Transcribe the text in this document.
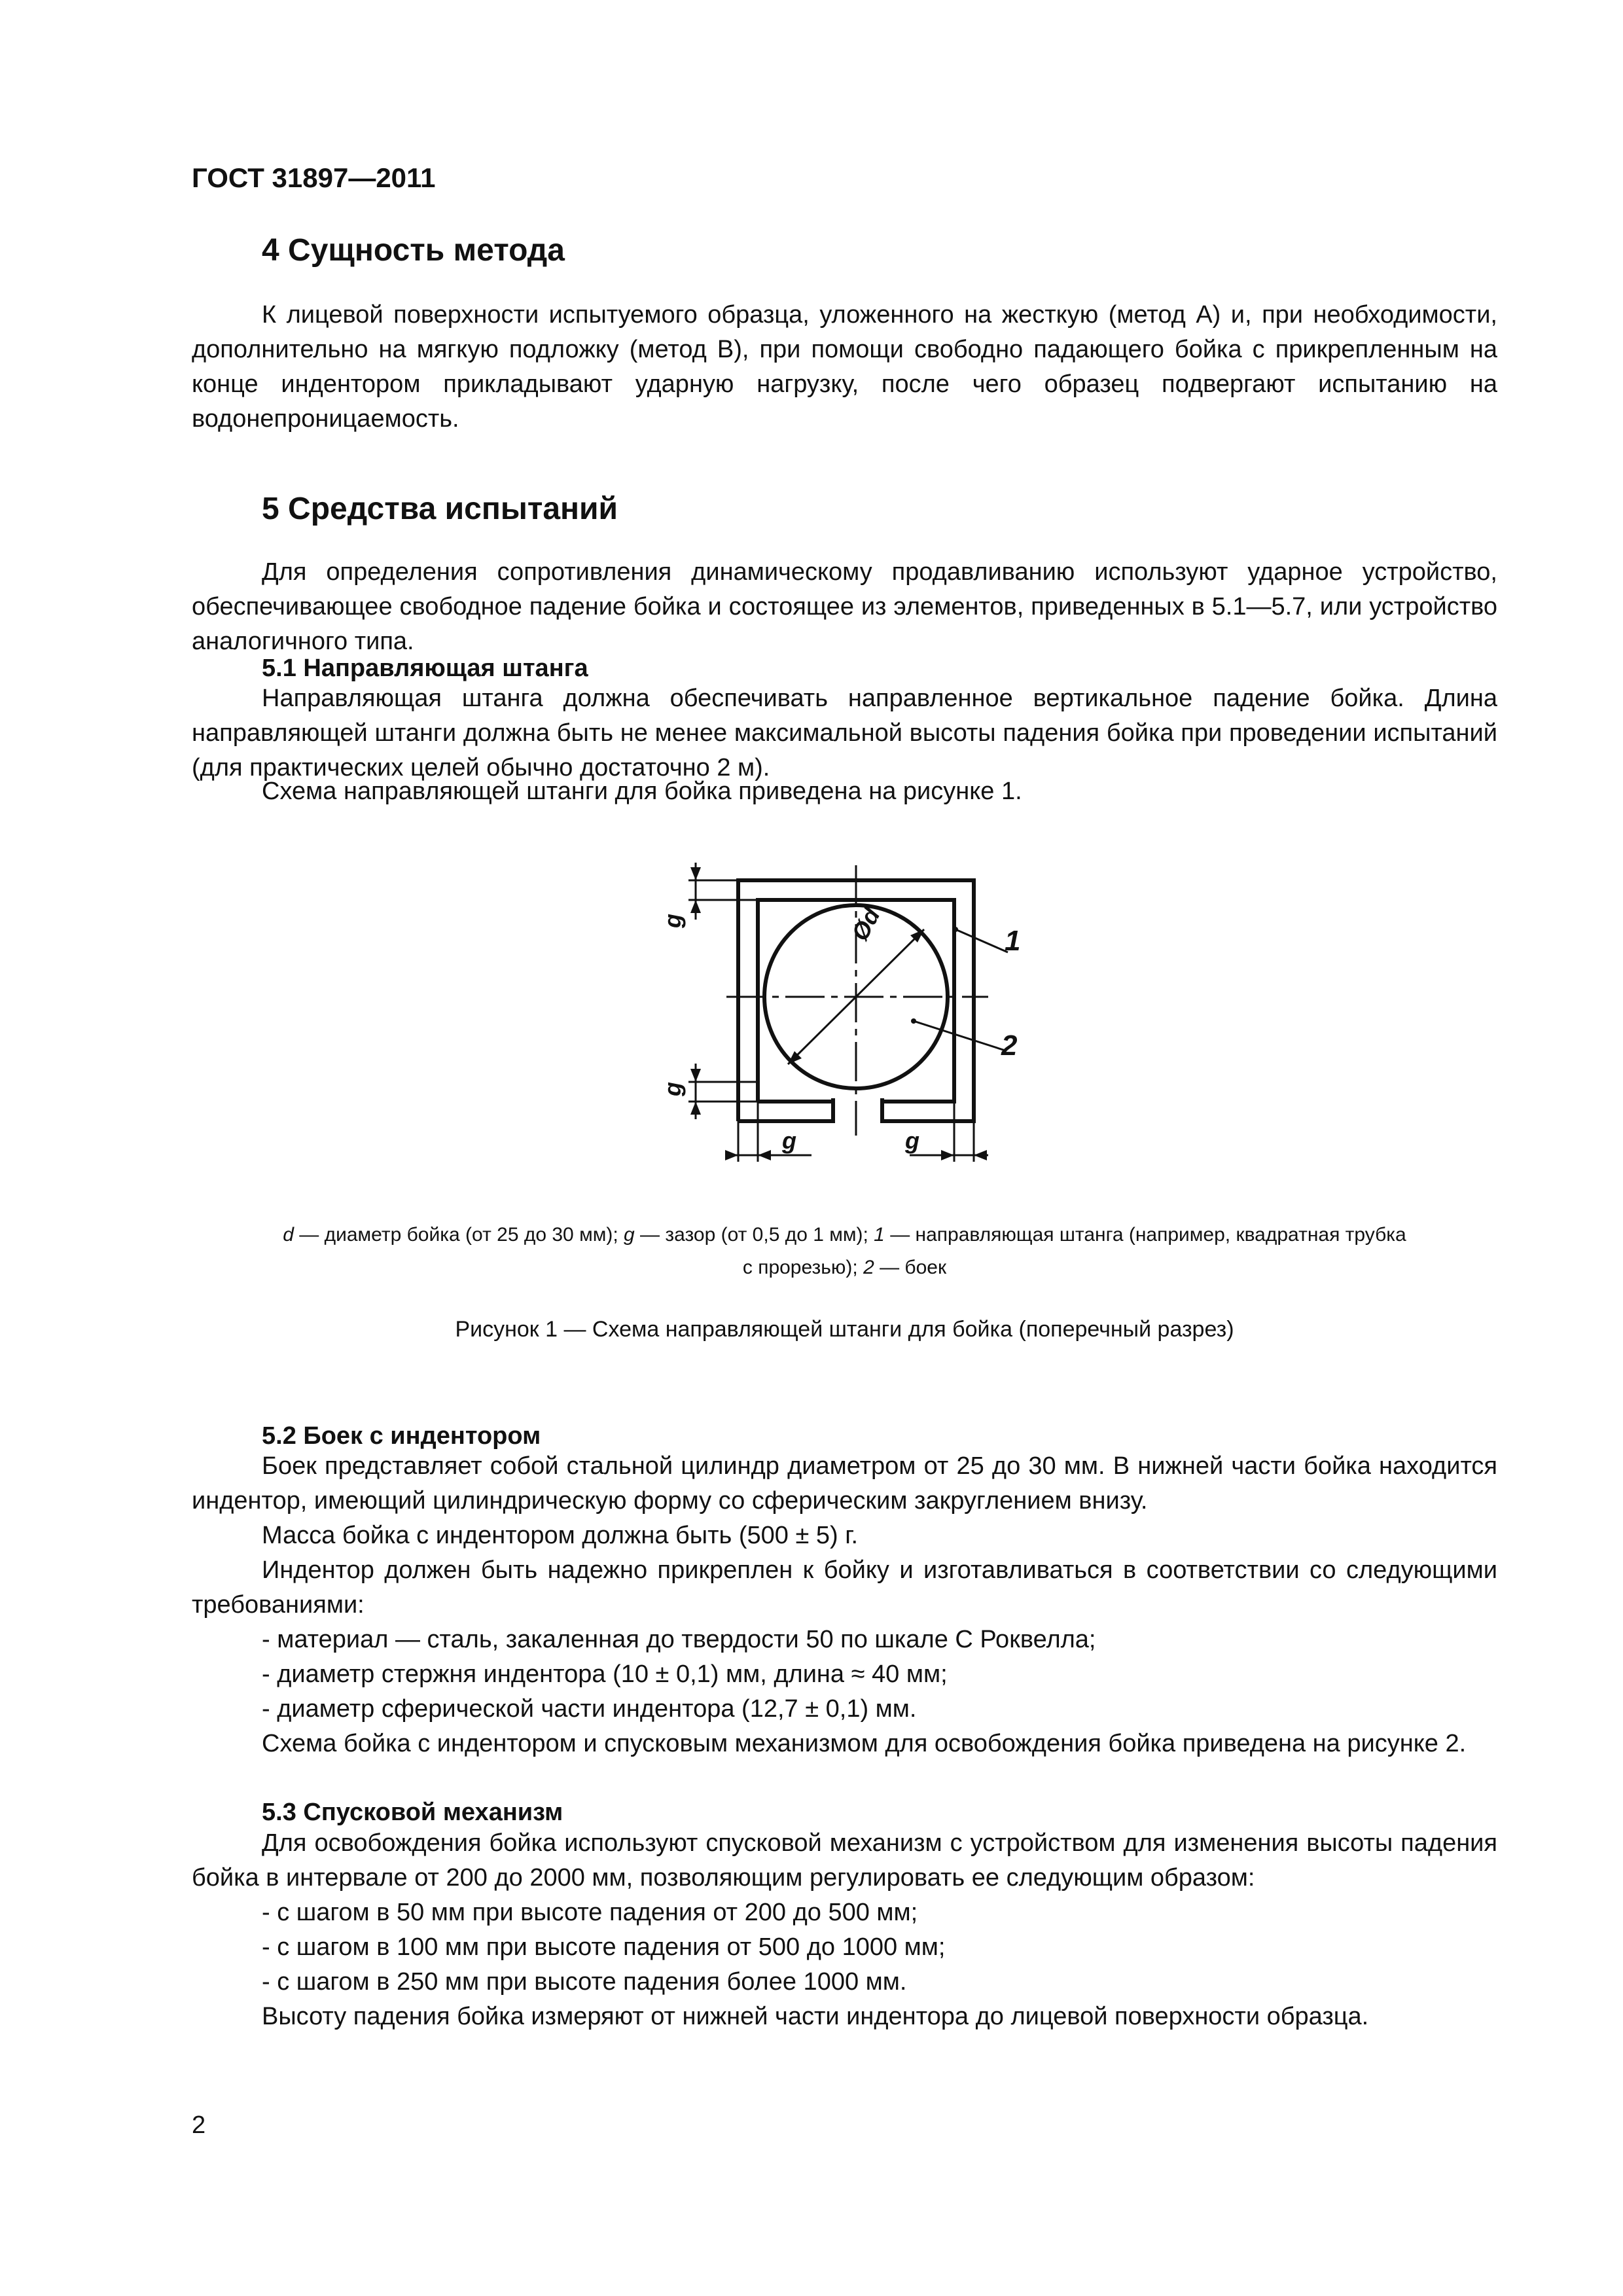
ГОСТ 31897—2011
4 Сущность метода

К лицевой поверхности испытуемого образца, уложенного на жесткую (метод А) и, при необходимости, дополнительно на мягкую подложку (метод В), при помощи свободно падающего бойка с прикрепленным на конце индентором прикладывают ударную нагрузку, после чего образец подвергают испытанию на водонепроницаемость.

5 Средства испытаний

Для определения сопротивления динамическому продавливанию используют ударное устройство, обеспечивающее свободное падение бойка и состоящее из элементов, приведенных в 5.1—5.7, или устройство аналогичного типа.

5.1 Направляющая штанга

Направляющая штанга должна обеспечивать направленное вертикальное падение бойка. Длина направляющей штанги должна быть не менее максимальной высоты падения бойка при проведении испытаний (для практических целей обычно достаточно 2 м).

Схема направляющей штанги для бойка приведена на рисунке 1.
g
g
g	g
Ød	1
2
d — диаметр бойка (от 25 до 30 мм); g — зазор (от 0,5 до 1 мм); 1 — направляющая штанга (например, квадратная трубка
с прорезью); 2 — боек
Рисунок 1 — Схема направляющей штанги для бойка (поперечный разрез)
5.2 Боек с индентором

Боек представляет собой стальной цилиндр диаметром от 25 до 30 мм. В нижней части бойка находится индентор, имеющий цилиндрическую форму со сферическим закруглением внизу.

Масса бойка с индентором должна быть (500 ± 5) г.

Индентор должен быть надежно прикреплен к бойку и изготавливаться в соответствии со следующими требованиями:

- материал — сталь, закаленная до твердости 50 по шкале С Роквелла;
- диаметр стержня индентора (10 ± 0,1) мм, длина ≈ 40 мм;
- диаметр сферической части индентора (12,7 ± 0,1) мм.

Схема бойка с индентором и спусковым механизмом для освобождения бойка приведена на рисунке 2.

5.3 Спусковой механизм

Для освобождения бойка используют спусковой механизм с устройством для изменения высоты падения бойка в интервале от 200 до 2000 мм, позволяющим регулировать ее следующим образом:

- с шагом в 50 мм при высоте падения от 200 до 500 мм;
- с шагом в 100 мм при высоте падения от 500 до 1000 мм;
- с шагом в 250 мм при высоте падения более 1000 мм.
Высоту падения бойка измеряют от нижней части индентора до лицевой поверхности образца.
2
